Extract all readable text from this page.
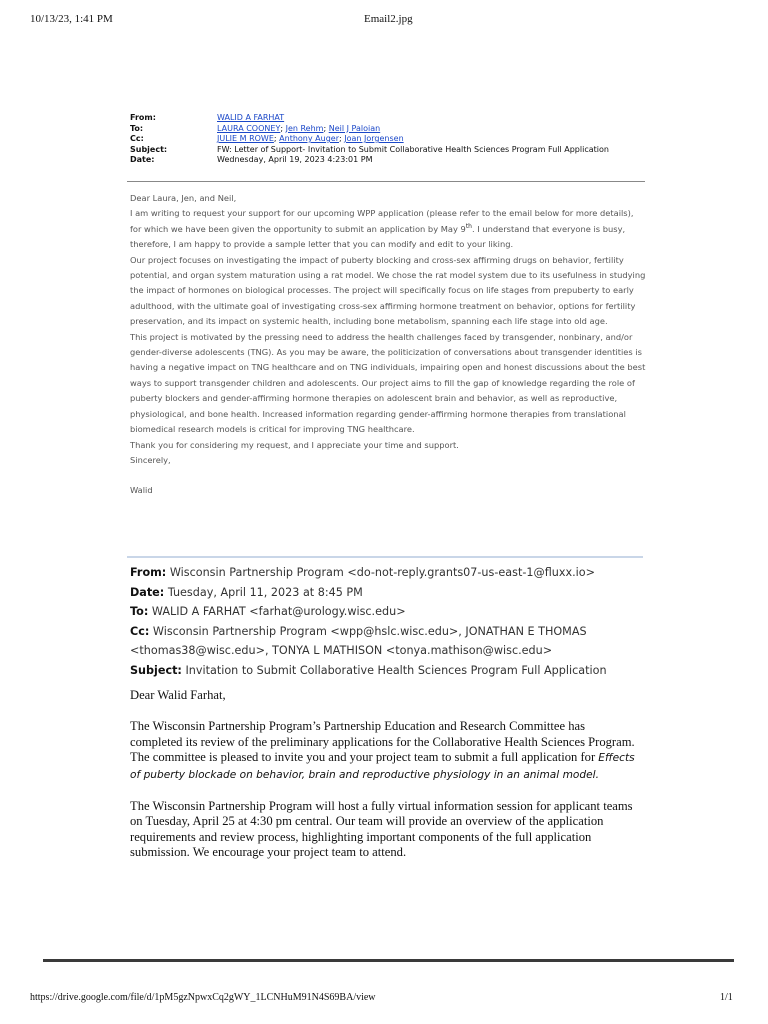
10/13/23, 1:41 PM	Email2.jpg
From:	WALID A FARHAT
To:	LAURA COONEY; Jen Rehm; Neil J Paloian
Cc:	JULIE M ROWE; Anthony Auger; Joan Jorgensen
Subject:	FW: Letter of Support- Invitation to Submit Collaborative Health Sciences Program Full Application
Date:	Wednesday, April 19, 2023 4:23:01 PM

Dear Laura, Jen, and Neil,

I am writing to request your support for our upcoming WPP application (please refer to the email below for more details), for which we have been given the opportunity to submit an application by May 9th. I understand that everyone is busy, therefore, I am happy to provide a sample letter that you can modify and edit to your liking.

Our project focuses on investigating the impact of puberty blocking and cross-sex affirming drugs on behavior, fertility potential, and organ system maturation using a rat model. We chose the rat model system due to its usefulness in studying the impact of hormones on biological processes. The project will specifically focus on life stages from prepuberty to early adulthood, with the ultimate goal of investigating cross-sex affirming hormone treatment on behavior, options for fertility preservation, and its impact on systemic health, including bone metabolism, spanning each life stage into old age.

This project is motivated by the pressing need to address the health challenges faced by transgender, nonbinary, and/or gender-diverse adolescents (TNG). As you may be aware, the politicization of conversations about transgender identities is having a negative impact on TNG healthcare and on TNG individuals, impairing open and honest discussions about the best ways to support transgender children and adolescents. Our project aims to fill the gap of knowledge regarding the role of puberty blockers and gender-affirming hormone therapies on adolescent brain and behavior, as well as reproductive, physiological, and bone health. Increased information regarding gender-affirming hormone therapies from translational biomedical research models is critical for improving TNG healthcare.

Thank you for considering my request, and I appreciate your time and support.

Sincerely,

Walid

From: Wisconsin Partnership Program <do-not-reply.grants07-us-east-1@fluxx.io>

Date: Tuesday, April 11, 2023 at 8:45 PM

To: WALID A FARHAT <farhat@urology.wisc.edu>

Cc: Wisconsin Partnership Program <wpp@hslc.wisc.edu>, JONATHAN E THOMAS <thomas38@wisc.edu>, TONYA L MATHISON <tonya.mathison@wisc.edu>

Subject: Invitation to Submit Collaborative Health Sciences Program Full Application

Dear Walid Farhat,

The Wisconsin Partnership Program’s Partnership Education and Research Committee has completed its review of the preliminary applications for the Collaborative Health Sciences Program. The committee is pleased to invite you and your project team to submit a full application for Effects of puberty blockade on behavior, brain and reproductive physiology in an animal model.

The Wisconsin Partnership Program will host a fully virtual information session for applicant teams on Tuesday, April 25 at 4:30 pm central. Our team will provide an overview of the application requirements and review process, highlighting important components of the full application submission. We encourage your project team to attend.

https://drive.google.com/file/d/1pM5gzNpwxCq2gWY_1LCNHuM91N4S69BA/view	1/1
